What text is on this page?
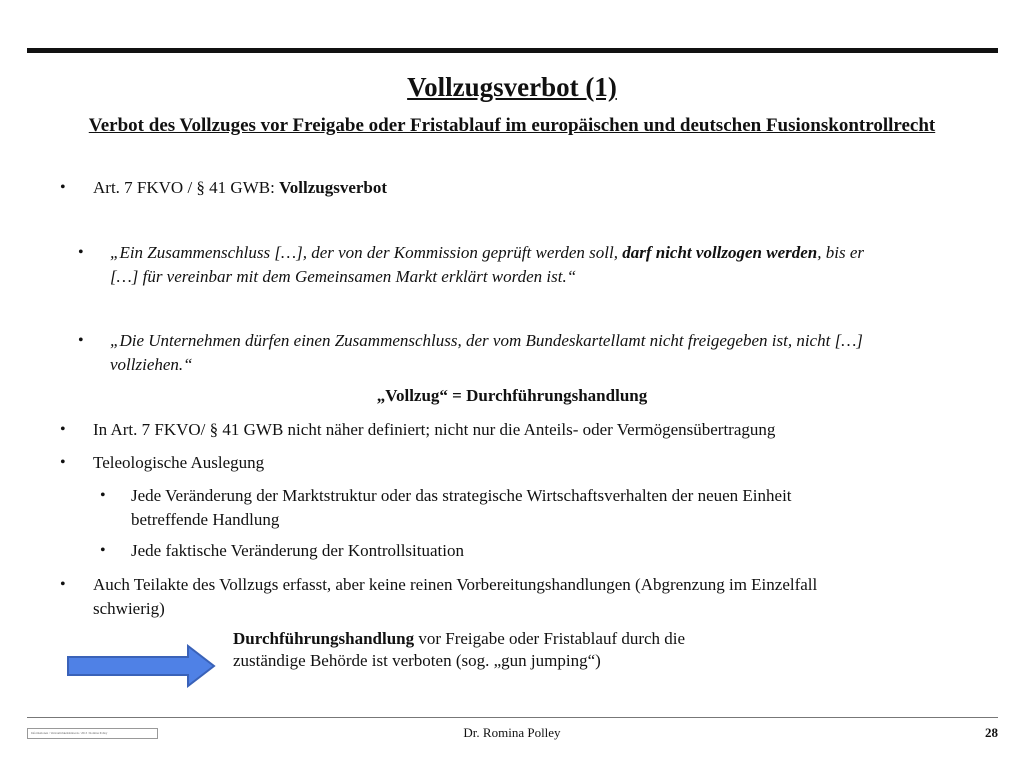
Vollzugsverbot (1)
Verbot des Vollzuges vor Freigabe oder Fristablauf im europäischen und deutschen Fusionskontrollrecht
• Art. 7 FKVO / § 41 GWB: Vollzugsverbot
• „Ein Zusammenschluss […], der von der Kommission geprüft werden soll, darf nicht vollzogen werden, bis er
[…] für vereinbar mit dem Gemeinsamen Markt erklärt worden ist.“
• „Die Unternehmen dürfen einen Zusammenschluss, der vom Bundeskartellamt nicht freigegeben ist, nicht […]
vollziehen.“
„Vollzug“ = Durchführungshandlung
• In Art. 7 FKVO/ § 41 GWB nicht näher definiert; nicht nur die Anteils- oder Vermögensübertragung
• Teleologische Auslegung
• Jede Veränderung der Marktstruktur oder das strategische Wirtschaftsverhalten der neuen Einheit
betreffende Handlung
• Jede faktische Veränderung der Kontrollsituation
• Auch Teilakte des Vollzugs erfasst, aber keine reinen Vorbereitungshandlungen (Abgrenzung im Einzelfall
schwierig)
Durchführungshandlung vor Freigabe oder Fristablauf durch die
zuständige Behörde ist verboten (sog. „gun jumping“)
Informationen / Vertraulichkeitshinweis / 2013 / Romina Polley	Dr. Romina Polley	28
